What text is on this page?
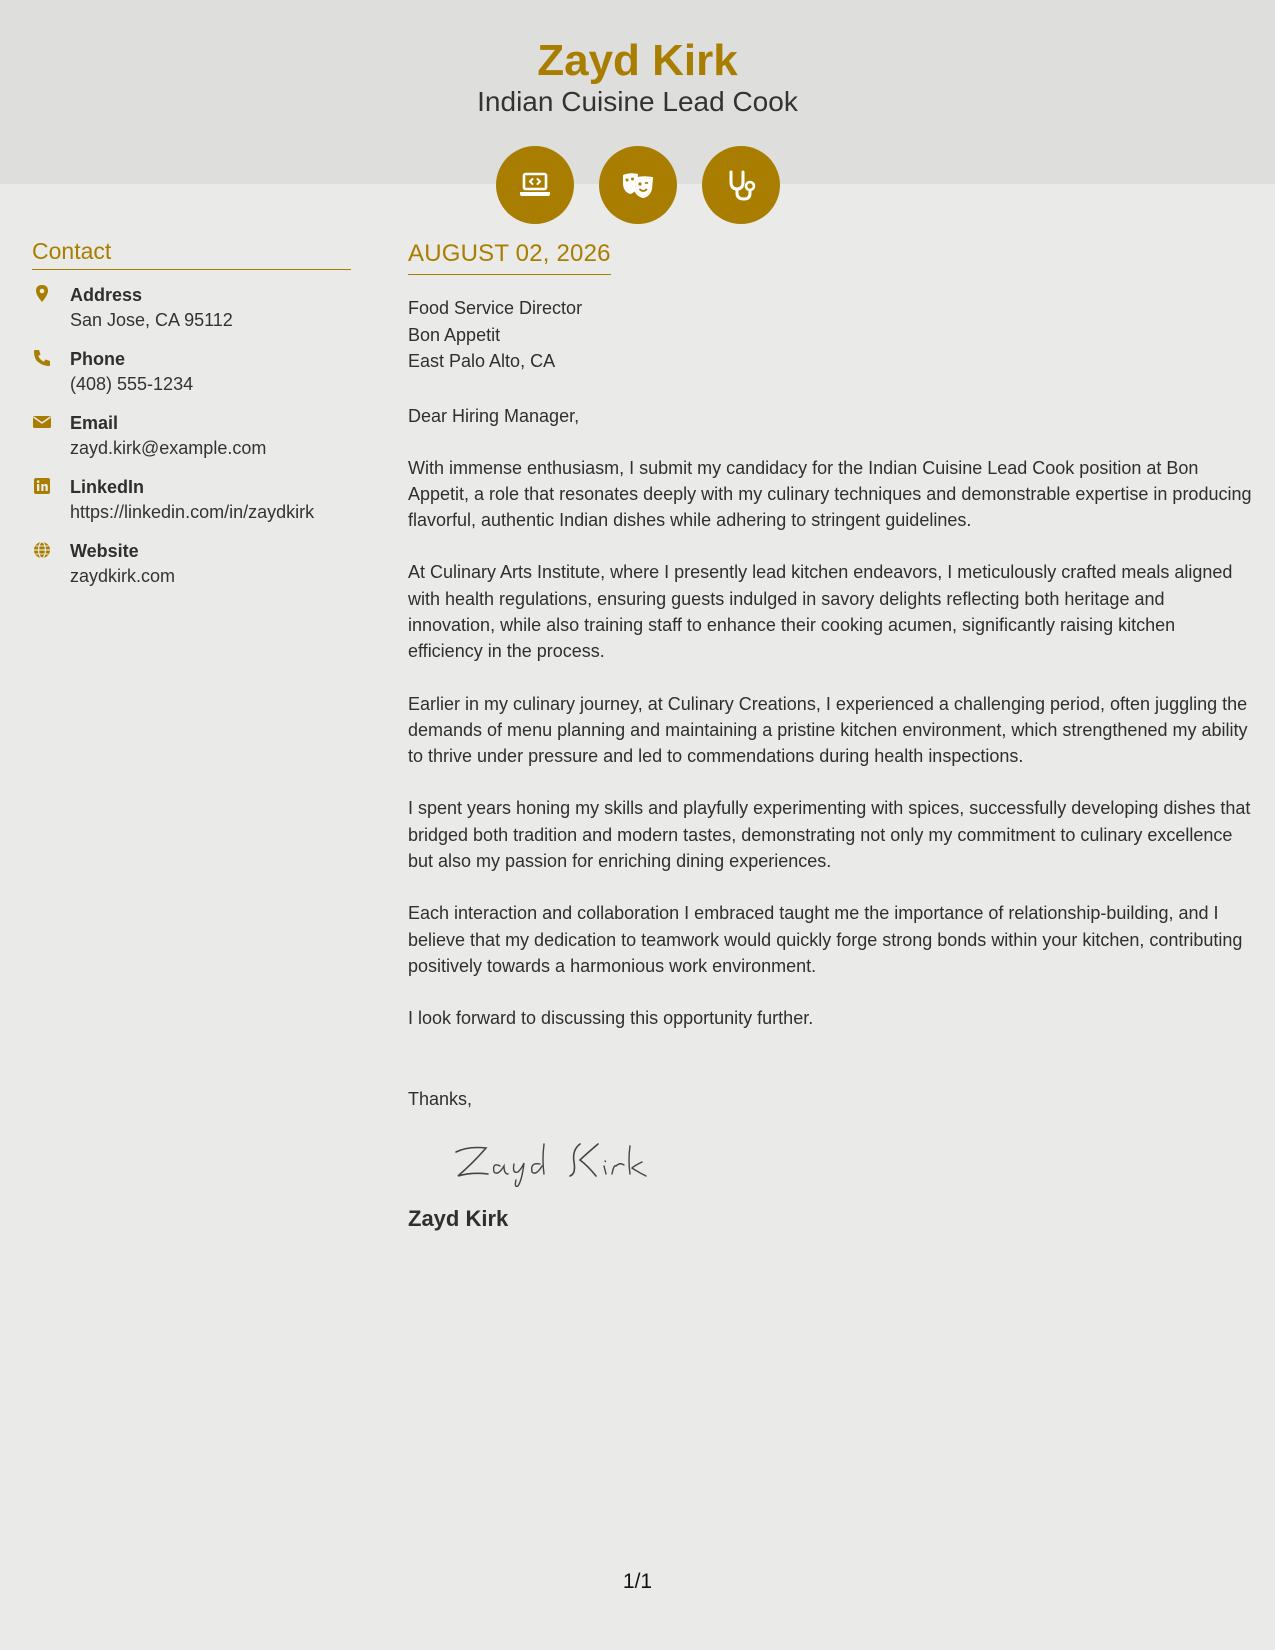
Zayd Kirk
Indian Cuisine Lead Cook
Contact
Address
San Jose, CA 95112
Phone
(408) 555-1234
Email
zayd.kirk@example.com
LinkedIn
https://linkedin.com/in/zaydkirk
Website
zaydkirk.com
AUGUST 02, 2026
Food Service Director
Bon Appetit
East Palo Alto, CA
Dear Hiring Manager,

With immense enthusiasm, I submit my candidacy for the Indian Cuisine Lead Cook position at Bon Appetit, a role that resonates deeply with my culinary techniques and demonstrable expertise in producing flavorful, authentic Indian dishes while adhering to stringent guidelines.

At Culinary Arts Institute, where I presently lead kitchen endeavors, I meticulously crafted meals aligned with health regulations, ensuring guests indulged in savory delights reflecting both heritage and innovation, while also training staff to enhance their cooking acumen, significantly raising kitchen efficiency in the process.

Earlier in my culinary journey, at Culinary Creations, I experienced a challenging period, often juggling the demands of menu planning and maintaining a pristine kitchen environment, which strengthened my ability to thrive under pressure and led to commendations during health inspections.

I spent years honing my skills and playfully experimenting with spices, successfully developing dishes that bridged both tradition and modern tastes, demonstrating not only my commitment to culinary excellence but also my passion for enriching dining experiences.

Each interaction and collaboration I embraced taught me the importance of relationship-building, and I believe that my dedication to teamwork would quickly forge strong bonds within your kitchen, contributing positively towards a harmonious work environment.

I look forward to discussing this opportunity further.

Thanks,
Zayd Kirk
1/1
